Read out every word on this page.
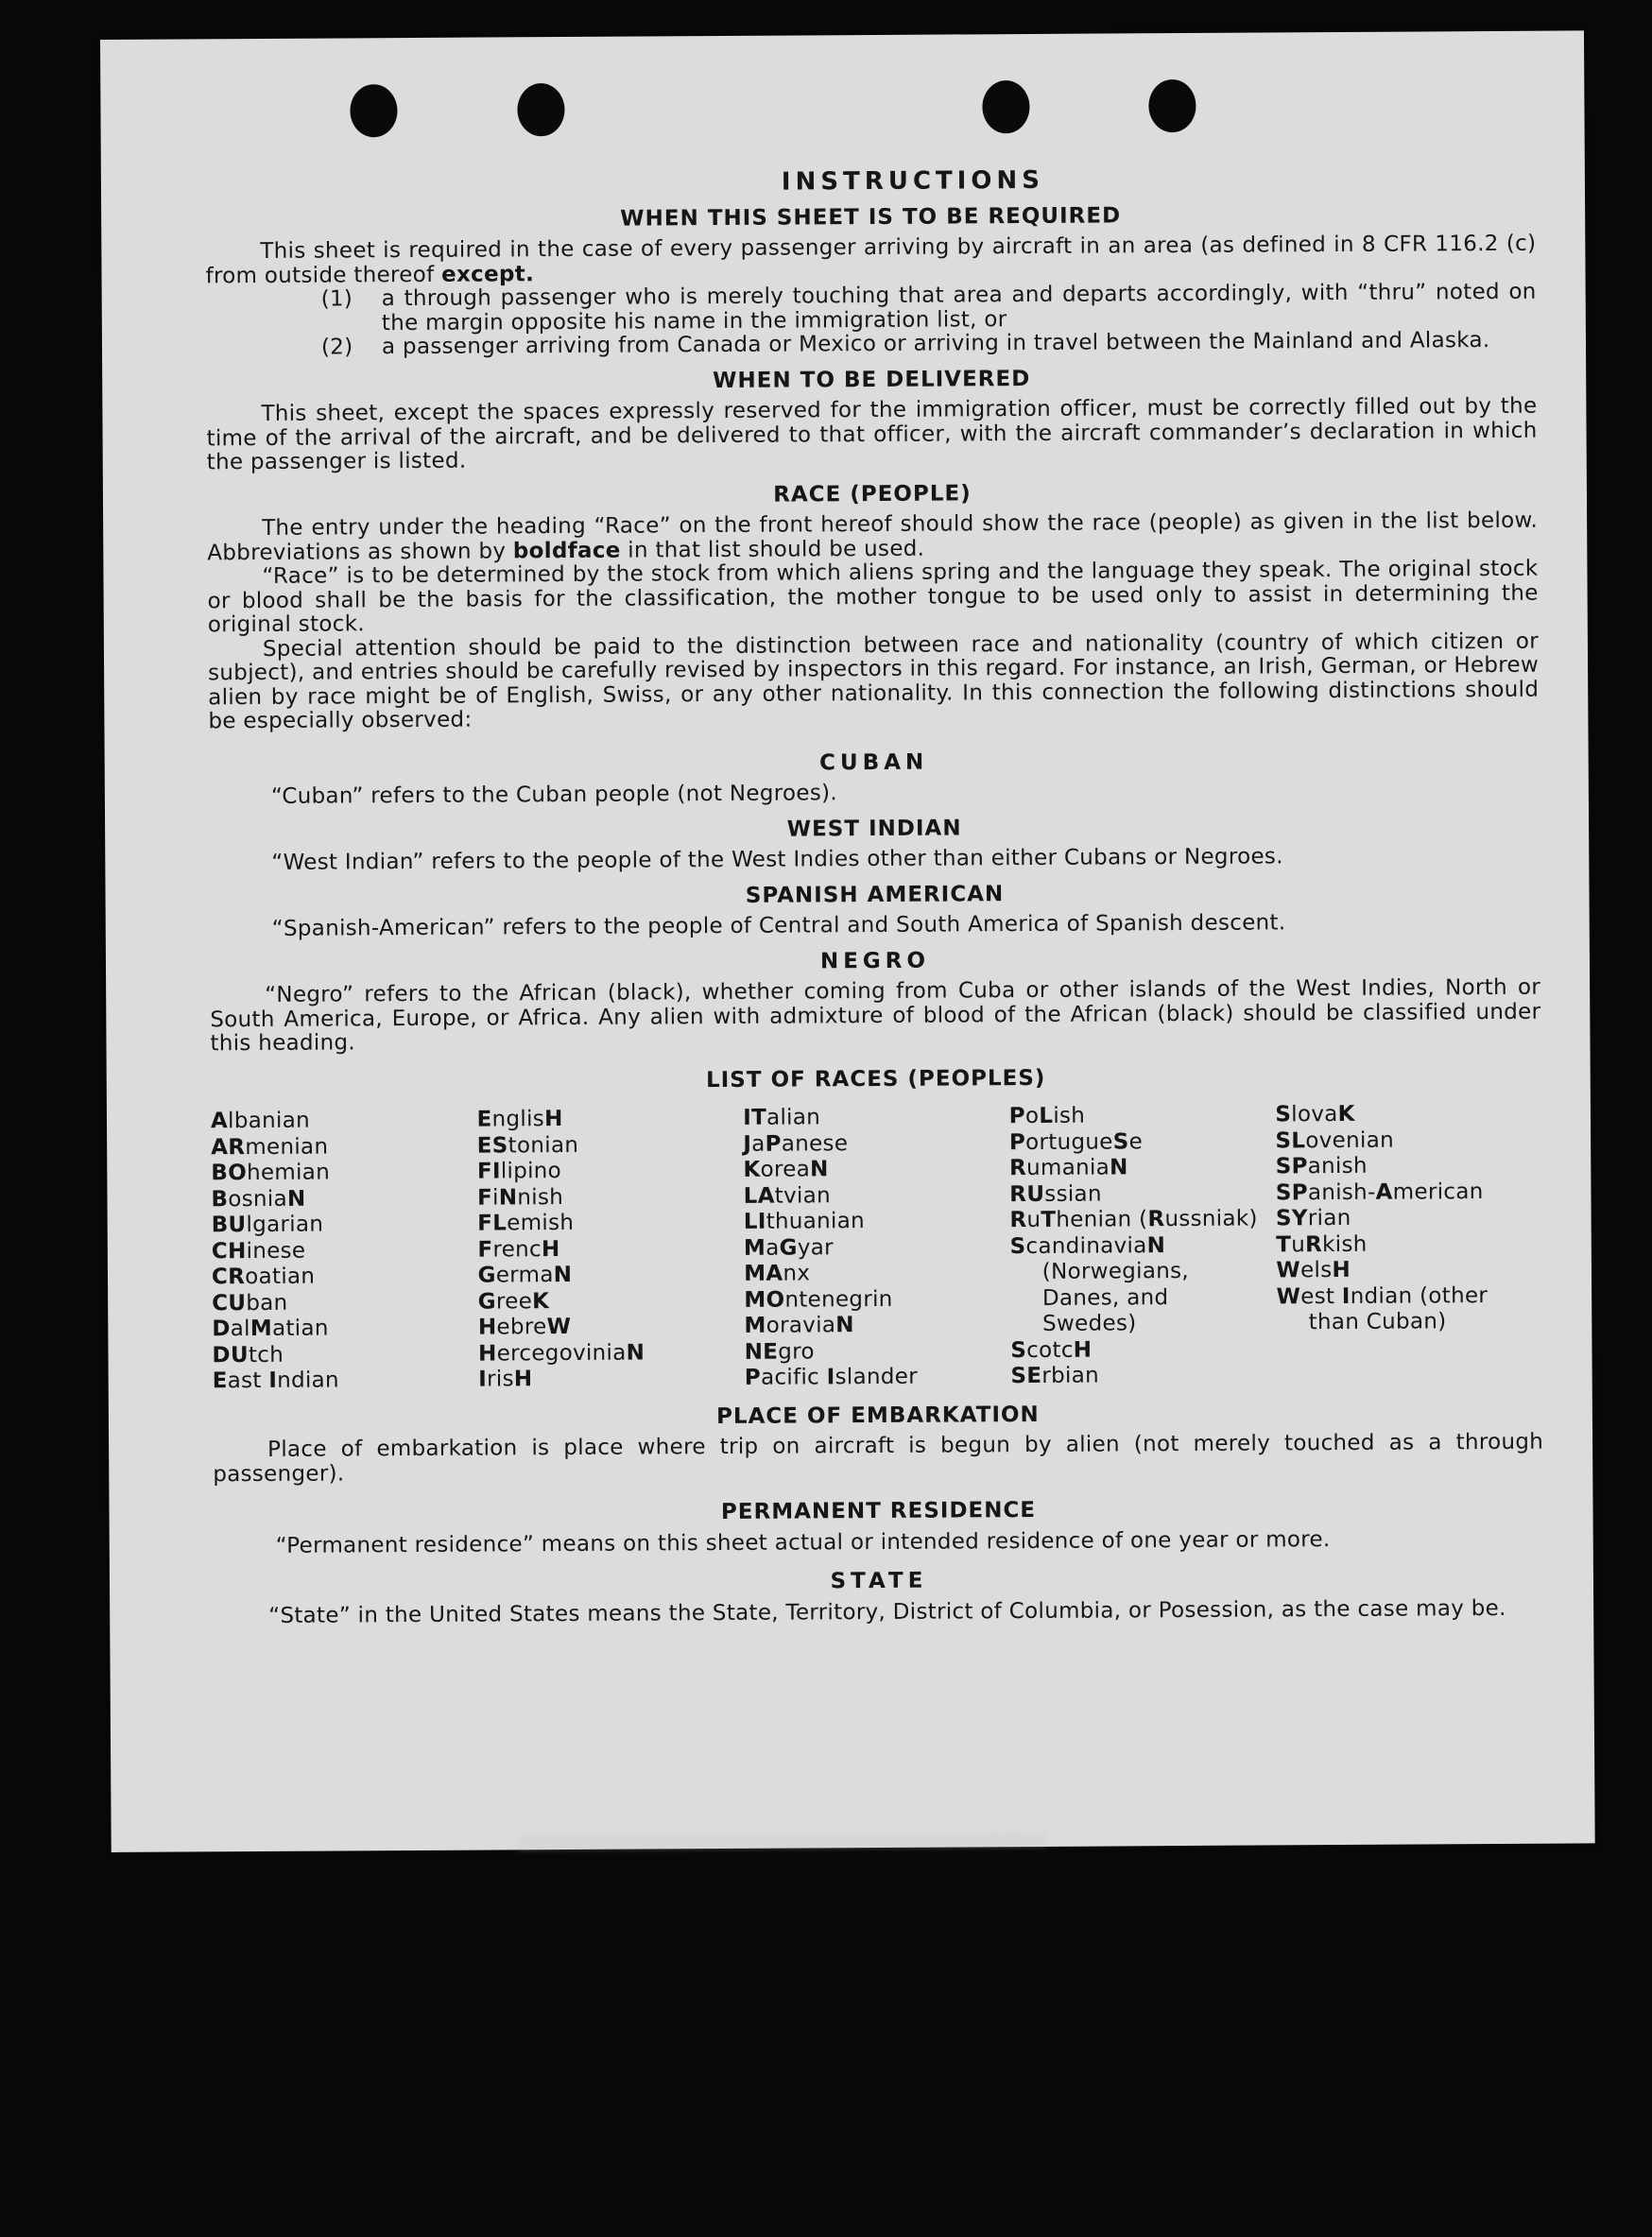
INSTRUCTIONS
WHEN THIS SHEET IS TO BE REQUIRED

This sheet is required in the case of every passenger arriving by aircraft in an area (as defined in 8 CFR 116.2 (c) from outside thereof except.

(1) a through passenger who is merely touching that area and departs accordingly, with “thru” noted on the margin opposite his name in the immigration list, or

(2) a passenger arriving from Canada or Mexico or arriving in travel between the Mainland and Alaska.

WHEN TO BE DELIVERED

This sheet, except the spaces expressly reserved for the immigration officer, must be correctly filled out by the time of the arrival of the aircraft, and be delivered to that officer, with the aircraft commander’s declaration in which the passenger is listed.

RACE (PEOPLE)

The entry under the heading “Race” on the front hereof should show the race (people) as given in the list below. Abbreviations as shown by boldface in that list should be used.

“Race” is to be determined by the stock from which aliens spring and the language they speak. The original stock or blood shall be the basis for the classification, the mother tongue to be used only to assist in determining the original stock.

Special attention should be paid to the distinction between race and nationality (country of which citizen or subject), and entries should be carefully revised by inspectors in this regard. For instance, an Irish, German, or Hebrew alien by race might be of English, Swiss, or any other nationality. In this connection the following distinctions should be especially observed:

CUBAN

“Cuban” refers to the Cuban people (not Negroes).

WEST INDIAN

“West Indian” refers to the people of the West Indies other than either Cubans or Negroes.

SPANISH AMERICAN

“Spanish-American” refers to the people of Central and South America of Spanish descent.

NEGRO

“Negro” refers to the African (black), whether coming from Cuba or other islands of the West Indies, North or South America, Europe, or Africa. Any alien with admixture of blood of the African (black) should be classified under this heading.

LIST OF RACES (PEOPLES)
Albanian
ARmenian
BOhemian
BosniaN
BUlgarian
CHinese
CRoatian
CUban
DalMatian
DUtch
East Indian
EnglisH
EStonian
FIlipino
FiNnish
FLemish
FrencH
GermaN
GreeK
HebreW
HercegoviniaN
IrisH
ITalian
JaPanese
KoreaN
LAtvian
LIthuanian
MaGyar
MAnx
MOntenegrin
MoraviaN
NEgro
Pacific Islander
PoLish
PortugueSe
RumaniaN
RUssian
RuThenian (Russniak)
ScandinaviaN
(Norwegians,
Danes, and
Swedes)
ScotcH
SErbian
SlovaK
SLovenian
SPanish
SPanish-American
SYrian
TuRkish
WelsH
West Indian (other
than Cuban)
PLACE OF EMBARKATION

Place of embarkation is place where trip on aircraft is begun by alien (not merely touched as a through passenger).

PERMANENT RESIDENCE

“Permanent residence” means on this sheet actual or intended residence of one year or more.

STATE

“State” in the United States means the State, Territory, District of Columbia, or Posession, as the case may be.
